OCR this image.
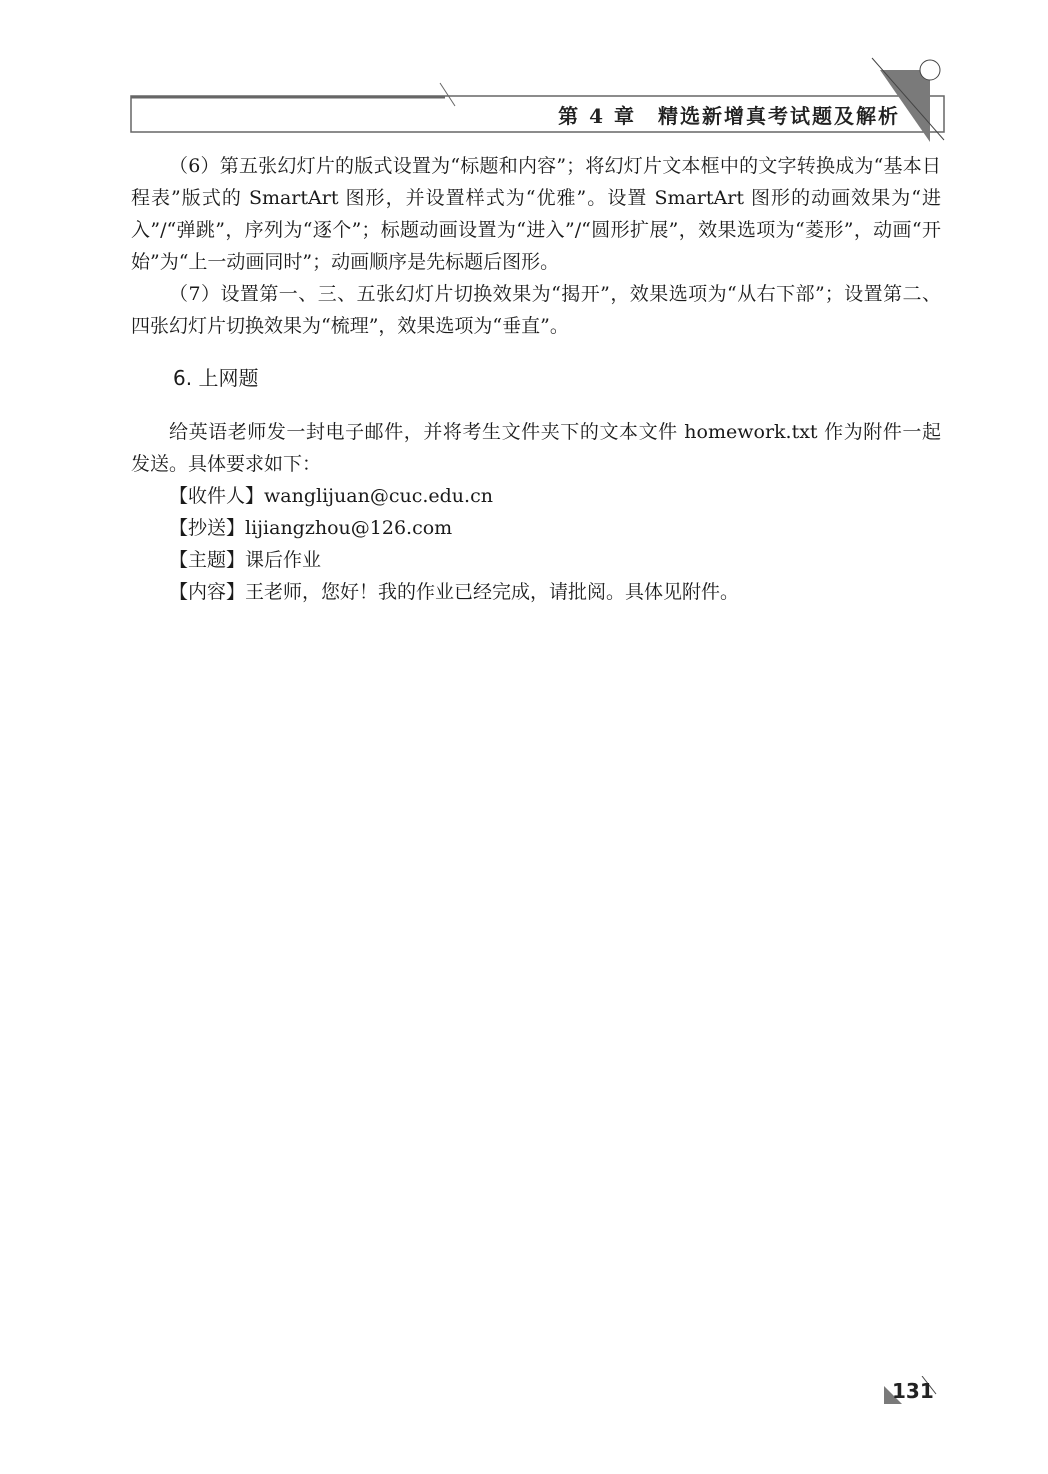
第 4 章　精选新增真考试题及解析

（6）第五张幻灯片的版式设置为“标题和内容”；将幻灯片文本框中的文字转换成为“基本日程表”版式的 SmartArt 图形，并设置样式为“优雅”。设置 SmartArt 图形的动画效果为“进入”/“弹跳”，序列为“逐个”；标题动画设置为“进入”/“圆形扩展”，效果选项为“菱形”，动画“开始”为“上一动画同时”；动画顺序是先标题后图形。

（7）设置第一、三、五张幻灯片切换效果为“揭开”，效果选项为“从右下部”；设置第二、四张幻灯片切换效果为“梳理”，效果选项为“垂直”。

6. 上网题

给英语老师发一封电子邮件，并将考生文件夹下的文本文件 homework.txt 作为附件一起发送。具体要求如下：

【收件人】wanglijuan@cuc.edu.cn

【抄送】lijiangzhou@126.com

【主题】课后作业

【内容】王老师，您好！我的作业已经完成，请批阅。具体见附件。

131
